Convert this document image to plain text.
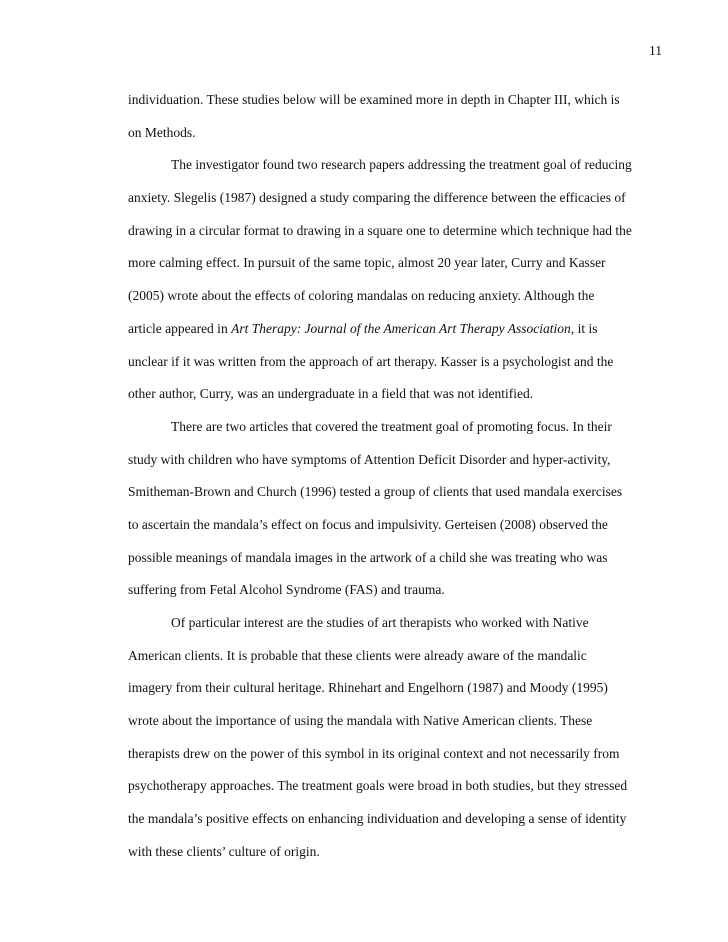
11
individuation. These studies below will be examined more in depth in Chapter III, which is
on Methods.
The investigator found two research papers addressing the treatment goal of reducing
anxiety. Slegelis (1987) designed a study comparing the difference between the efficacies of
drawing in a circular format to drawing in a square one to determine which technique had the
more calming effect. In pursuit of the same topic, almost 20 year later, Curry and Kasser
(2005) wrote about the effects of coloring mandalas on reducing anxiety. Although the
article appeared in Art Therapy: Journal of the American Art Therapy Association, it is
unclear if it was written from the approach of art therapy. Kasser is a psychologist and the
other author, Curry, was an undergraduate in a field that was not identified.
There are two articles that covered the treatment goal of promoting focus. In their
study with children who have symptoms of Attention Deficit Disorder and hyper-activity,
Smitheman-Brown and Church (1996) tested a group of clients that used mandala exercises
to ascertain the mandala’s effect on focus and impulsivity. Gerteisen (2008) observed the
possible meanings of mandala images in the artwork of a child she was treating who was
suffering from Fetal Alcohol Syndrome (FAS) and trauma.
Of particular interest are the studies of art therapists who worked with Native
American clients. It is probable that these clients were already aware of the mandalic
imagery from their cultural heritage. Rhinehart and Engelhorn (1987) and Moody (1995)
wrote about the importance of using the mandala with Native American clients. These
therapists drew on the power of this symbol in its original context and not necessarily from
psychotherapy approaches. The treatment goals were broad in both studies, but they stressed
the mandala’s positive effects on enhancing individuation and developing a sense of identity
with these clients’ culture of origin.
